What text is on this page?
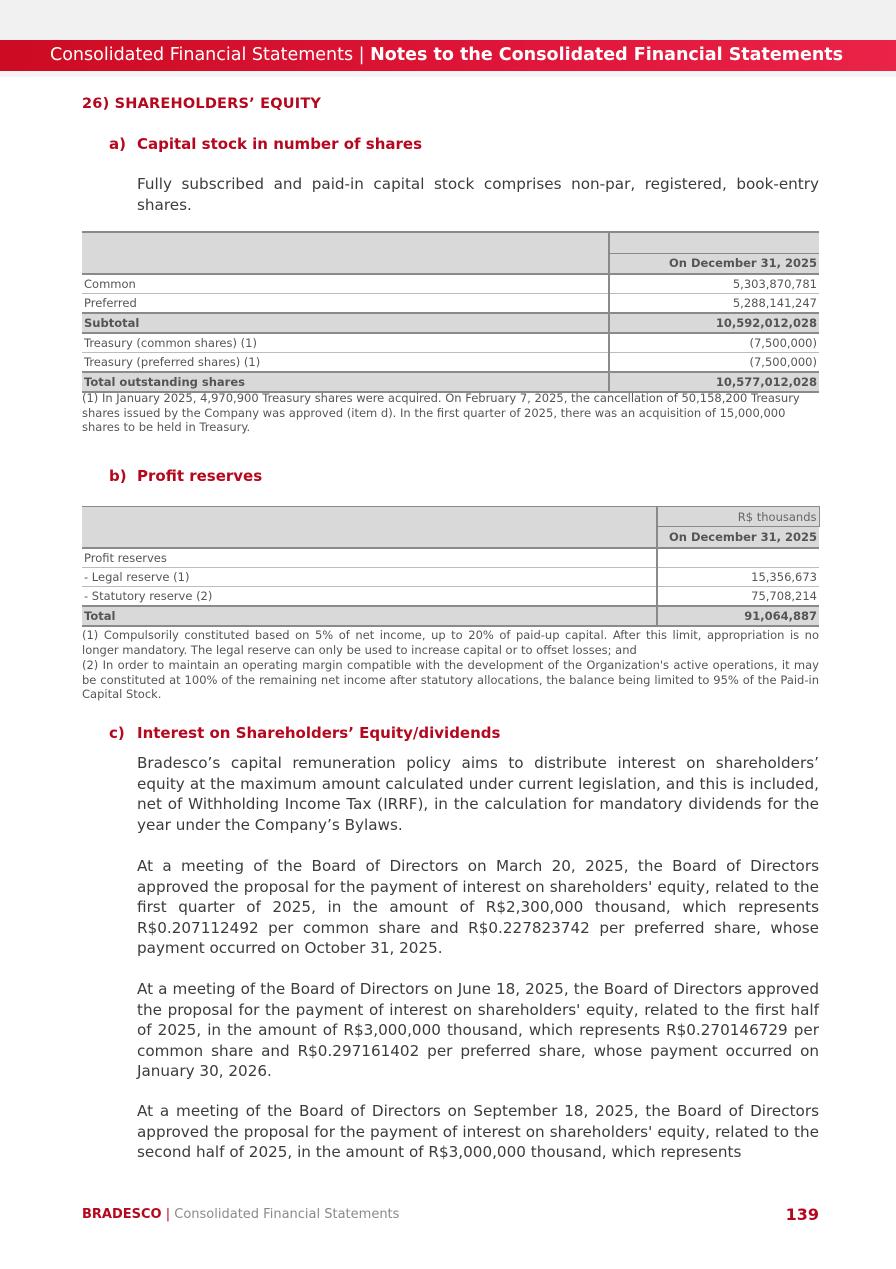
Consolidated Financial Statements | Notes to the Consolidated Financial Statements
26) SHAREHOLDERS’ EQUITY
a) Capital stock in number of shares
Fully subscribed and paid-in capital stock comprises non-par, registered, book-entry shares.

	On December 31, 2025
Common	5,303,870,781
Preferred	5,288,141,247
Subtotal	10,592,012,028
Treasury (common shares) (1)	(7,500,000)
Treasury (preferred shares) (1)	(7,500,000)
Total outstanding shares	10,577,012,028
(1) In January 2025, 4,970,900 Treasury shares were acquired. On February 7, 2025, the cancellation of 50,158,200 Treasury shares issued by the Company was approved (item d). In the first quarter of 2025, there was an acquisition of 15,000,000 shares to be held in Treasury.
b) Profit reserves
	R$ thousands
	On December 31, 2025
Profit reserves	
- Legal reserve (1)	15,356,673
- Statutory reserve (2)	75,708,214
Total	91,064,887
(1) Compulsorily constituted based on 5% of net income, up to 20% of paid-up capital. After this limit, appropriation is no longer mandatory. The legal reserve can only be used to increase capital or to offset losses; and
(2) In order to maintain an operating margin compatible with the development of the Organization's active operations, it may be constituted at 100% of the remaining net income after statutory allocations, the balance being limited to 95% of the Paid-in Capital Stock.
c) Interest on Shareholders’ Equity/dividends
Bradesco’s capital remuneration policy aims to distribute interest on shareholders’ equity at the maximum amount calculated under current legislation, and this is included, net of Withholding Income Tax (IRRF), in the calculation for mandatory dividends for the year under the Company’s Bylaws.
At a meeting of the Board of Directors on March 20, 2025, the Board of Directors approved the proposal for the payment of interest on shareholders' equity, related to the first quarter of 2025, in the amount of R$2,300,000 thousand, which represents R$0.207112492 per common share and R$0.227823742 per preferred share, whose payment occurred on October 31, 2025.
At a meeting of the Board of Directors on June 18, 2025, the Board of Directors approved the proposal for the payment of interest on shareholders' equity, related to the first half of 2025, in the amount of R$3,000,000 thousand, which represents R$0.270146729 per common share and R$0.297161402 per preferred share, whose payment occurred on January 30, 2026.
At a meeting of the Board of Directors on September 18, 2025, the Board of Directors approved the proposal for the payment of interest on shareholders' equity, related to the second half of 2025, in the amount of R$3,000,000 thousand, which represents
BRADESCO | Consolidated Financial Statements	139
